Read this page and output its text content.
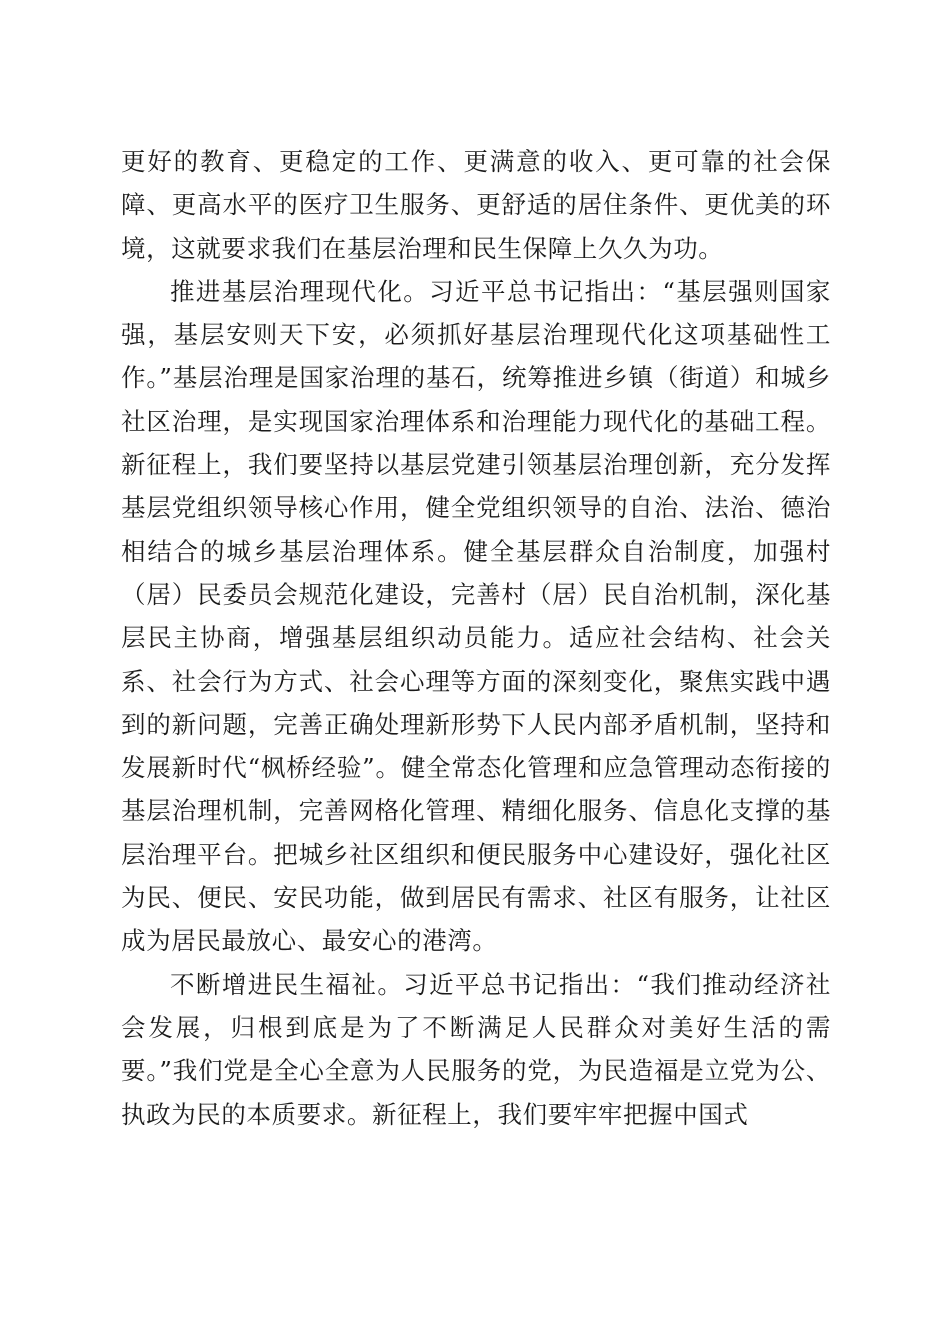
更好的教育、更稳定的工作、更满意的收入、更可靠的社会保障、更高水平的医疗卫生服务、更舒适的居住条件、更优美的环境，这就要求我们在基层治理和民生保障上久久为功。

推进基层治理现代化。习近平总书记指出：“基层强则国家强，基层安则天下安，必须抓好基层治理现代化这项基础性工作。”基层治理是国家治理的基石，统筹推进乡镇（街道）和城乡社区治理，是实现国家治理体系和治理能力现代化的基础工程。新征程上，我们要坚持以基层党建引领基层治理创新，充分发挥基层党组织领导核心作用，健全党组织领导的自治、法治、德治相结合的城乡基层治理体系。健全基层群众自治制度，加强村（居）民委员会规范化建设，完善村（居）民自治机制，深化基层民主协商，增强基层组织动员能力。适应社会结构、社会关系、社会行为方式、社会心理等方面的深刻变化，聚焦实践中遇到的新问题，完善正确处理新形势下人民内部矛盾机制，坚持和发展新时代“枫桥经验”。健全常态化管理和应急管理动态衔接的基层治理机制，完善网格化管理、精细化服务、信息化支撑的基层治理平台。把城乡社区组织和便民服务中心建设好，强化社区为民、便民、安民功能，做到居民有需求、社区有服务，让社区成为居民最放心、最安心的港湾。

不断增进民生福祉。习近平总书记指出：“我们推动经济社会发展，归根到底是为了不断满足人民群众对美好生活的需要。”我们党是全心全意为人民服务的党，为民造福是立党为公、执政为民的本质要求。新征程上，我们要牢牢把握中国式
